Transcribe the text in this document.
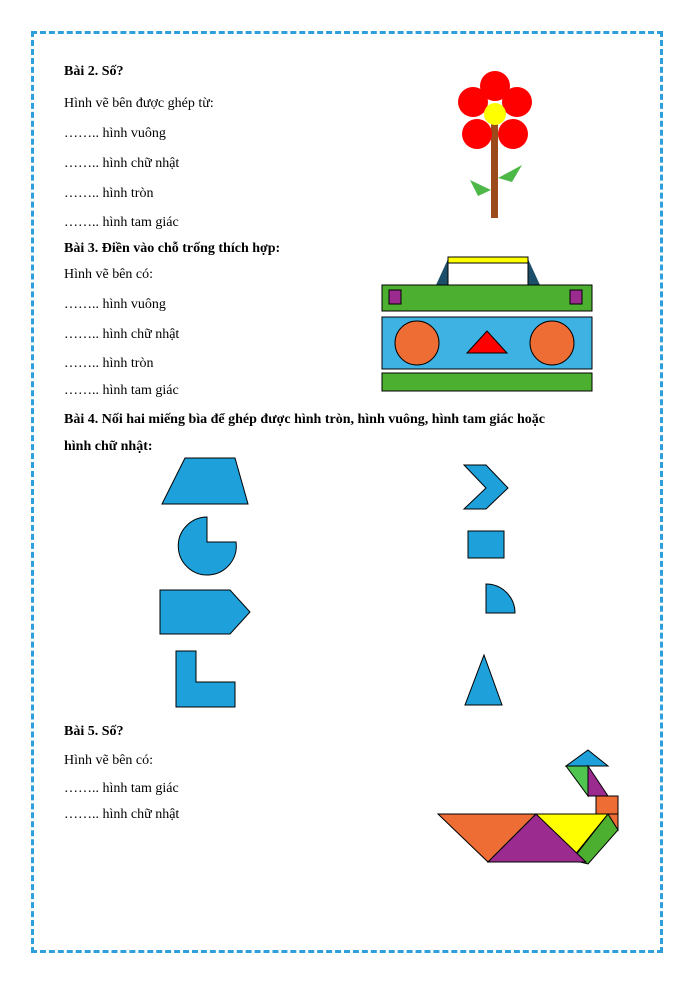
Bài 2. Số?
Hình vẽ bên được ghép từ:
…….. hình vuông
…….. hình chữ nhật
…….. hình tròn
…….. hình tam giác
Bài 3. Điền vào chỗ trống thích hợp:
Hình vẽ bên có:
…….. hình vuông
…….. hình chữ nhật
…….. hình tròn
…….. hình tam giác
Bài 4. Nối hai miếng bìa để ghép được hình tròn, hình vuông, hình tam giác hoặc
hình chữ nhật:
Bài 5. Số?
Hình vẽ bên có:
…….. hình tam giác
…….. hình chữ nhật
